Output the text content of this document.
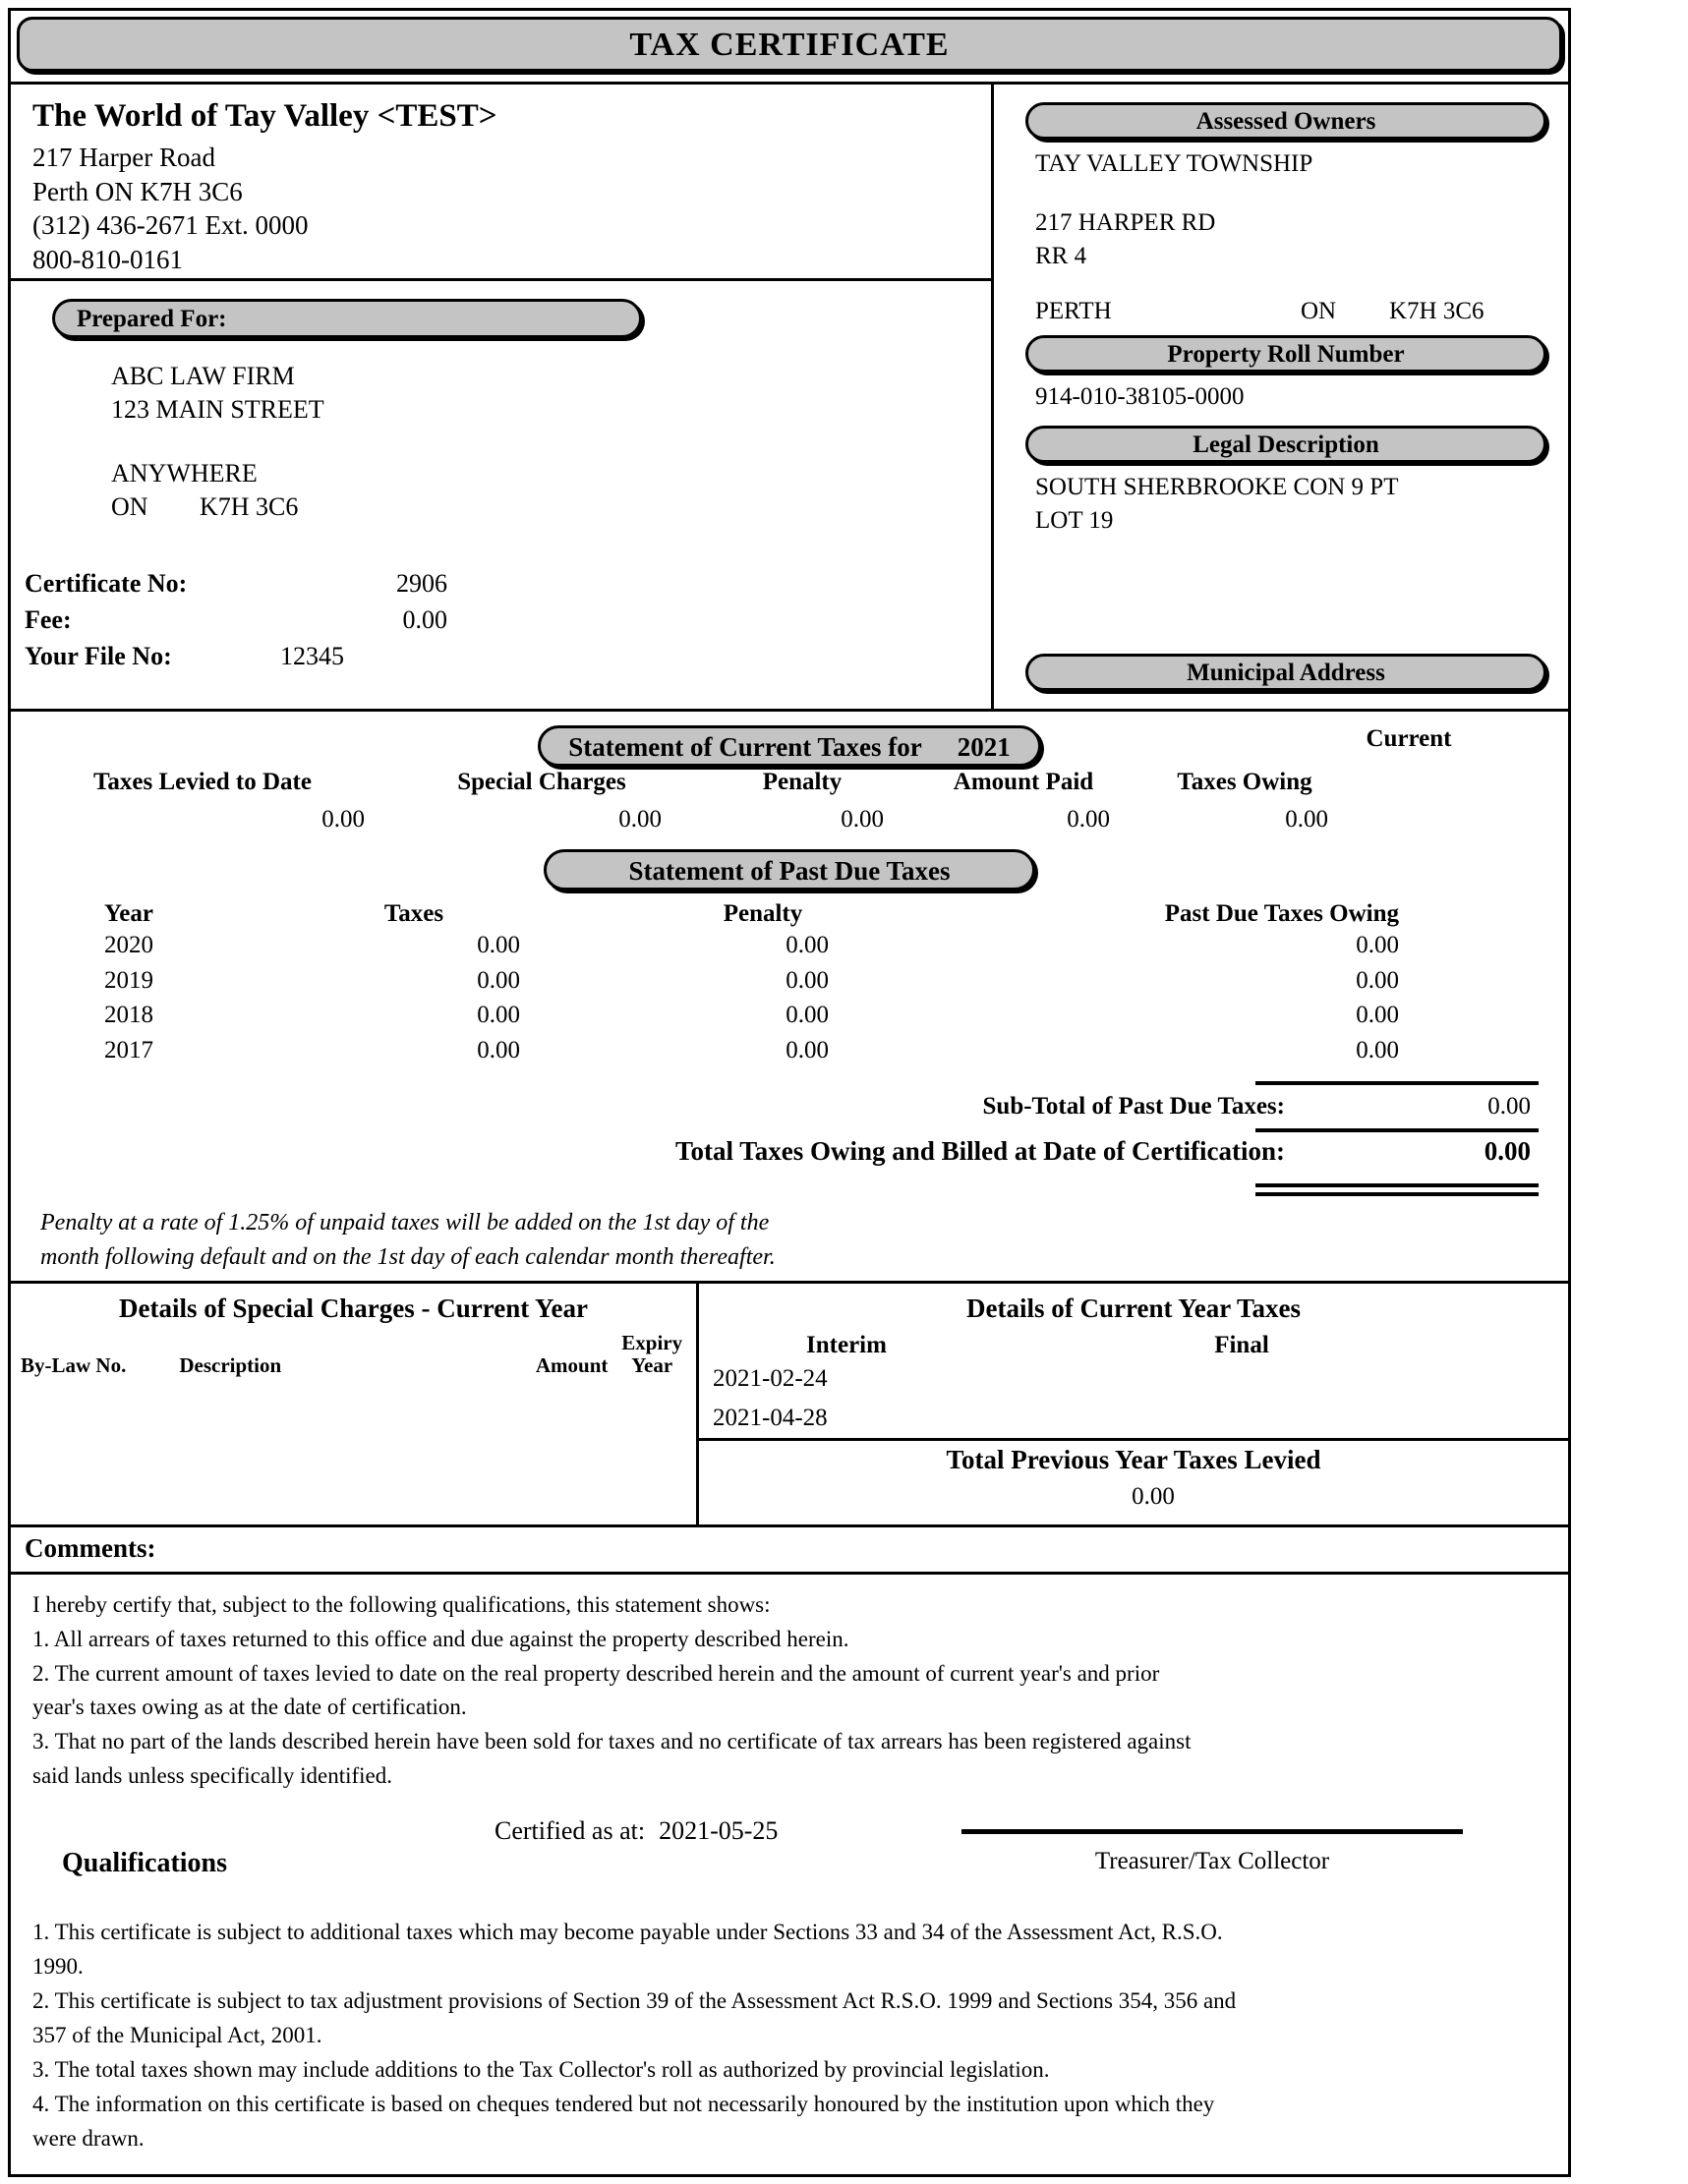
TAX CERTIFICATE
The World of Tay Valley <TEST>
217 Harper Road
Perth ON K7H 3C6
(312) 436-2671 Ext. 0000
800-810-0161
Prepared For:
ABC LAW FIRM
123 MAIN STREET
ANYWHERE
ON K7H 3C6
Certificate No:	2906
Fee:	0.00
Your File No:	12345
Assessed Owners
TAY VALLEY TOWNSHIP
217 HARPER RD
RR 4
PERTH	ON	K7H 3C6
Property Roll Number
914-010-38105-0000
Legal Description
SOUTH SHERBROOKE CON 9 PT
LOT 19
Municipal Address
Current
Statement of Current Taxes for 2021
Taxes Levied to Date	Special Charges	Penalty	Amount Paid	Taxes Owing
0.00	0.00	0.00	0.00	0.00
Statement of Past Due Taxes
Year	Taxes	Penalty	Past Due Taxes Owing
2020	0.00	0.00	0.00
2019	0.00	0.00	0.00
2018	0.00	0.00	0.00
2017	0.00	0.00	0.00
Sub-Total of Past Due Taxes:	0.00
Total Taxes Owing and Billed at Date of Certification:	0.00
Penalty at a rate of 1.25% of unpaid taxes will be added on the 1st day of the
month following default and on the 1st day of each calendar month thereafter.
Details of Special Charges - Current Year
By-Law No.	Description	Amount
Expiry
Year
Details of Current Year Taxes
Interim	Final
2021-02-24
2021-04-28
Total Previous Year Taxes Levied
0.00
Comments:

I hereby certify that, subject to the following qualifications, this statement shows:

1. All arrears of taxes returned to this office and due against the property described herein.

2. The current amount of taxes levied to date on the real property described herein and the amount of current year's and prior

year's taxes owing as at the date of certification.

3. That no part of the lands described herein have been sold for taxes and no certificate of tax arrears has been registered against

said lands unless specifically identified.

Qualifications
Certified as at: 2021-05-25
Treasurer/Tax Collector

1. This certificate is subject to additional taxes which may become payable under Sections 33 and 34 of the Assessment Act, R.S.O.

1990.

2. This certificate is subject to tax adjustment provisions of Section 39 of the Assessment Act R.S.O. 1999 and Sections 354, 356 and

357 of the Municipal Act, 2001.

3. The total taxes shown may include additions to the Tax Collector's roll as authorized by provincial legislation.

4. The information on this certificate is based on cheques tendered but not necessarily honoured by the institution upon which they

were drawn.
